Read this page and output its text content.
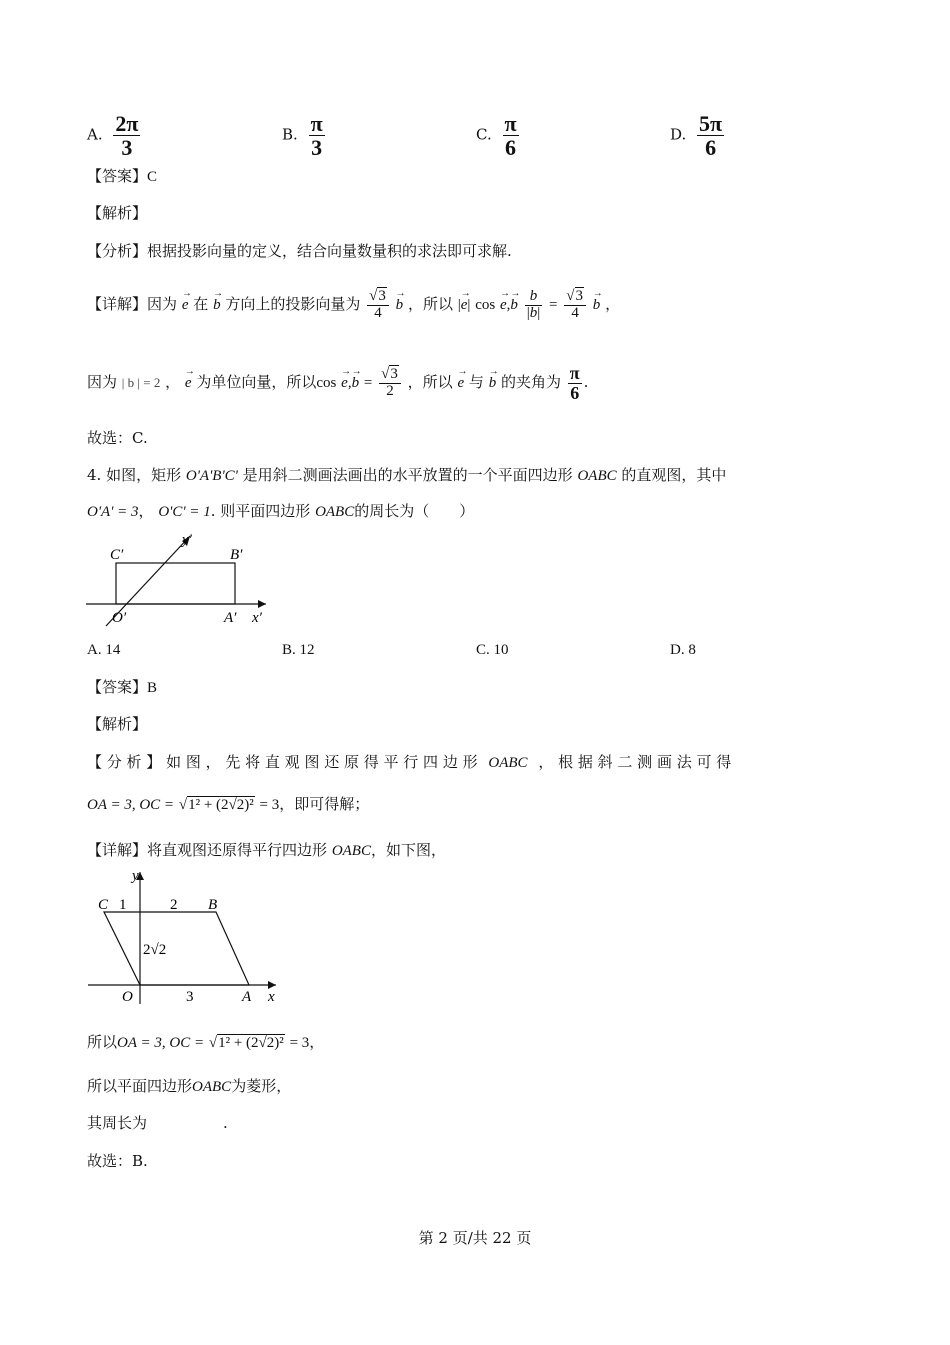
A. $\frac{2\pi}{3}$	B. $\frac{\pi}{3}$	C. $\frac{\pi}{6}$	D. $\frac{5\pi}{6}$
【答案】C
【解析】
【分析】根据投影向量的定义，结合向量数量积的求法即可求解.
【详解】因为 → e 在 → b 方向上的投影向量为 $\frac{√3}{4}$
→ b ，所以 |→ e| cos → e,→ b $\frac{b}{|b|} = \frac{√3}{4}$
→ b ，
因为 | b | = 2 ， → e 为单位向量，所以$\cos \to e,\to b = \frac{√3}{2}$ ，所以 → e 与 → b 的夹角为 $\frac{\pi}{6}$ .
故选：C.
4. 如图，矩形 O'A'B'C' 是用斜二测画法画出的水平放置的一个平面四边形 OABC 的直观图，其中
O'A' = 3， O'C' = 1. 则平面四边形 OABC的周长为（　　）
C′	B′
O′	A′ x′
y′
A. 14	B. 12	C. 10	D. 8
【答案】B
【解析】
【 分 析 】 如 图 ， 先 将 直 观 图 还 原 得 平 行 四 边 形 OABC ， 根 据 斜 二 测 画 法 可 得
OA = 3, OC = √1² + (2√2)² = 3，即可得解；
【详解】将直观图还原得平行四边形 OABC，如下图，
y
C 1	2 B
2√2
O	3	A x
所以OA = 3, OC = √1² + (2√2)² = 3，
所以平面四边形OABC为菱形，
其周长为	.
故选：B.
第 2 页/共 22 页
